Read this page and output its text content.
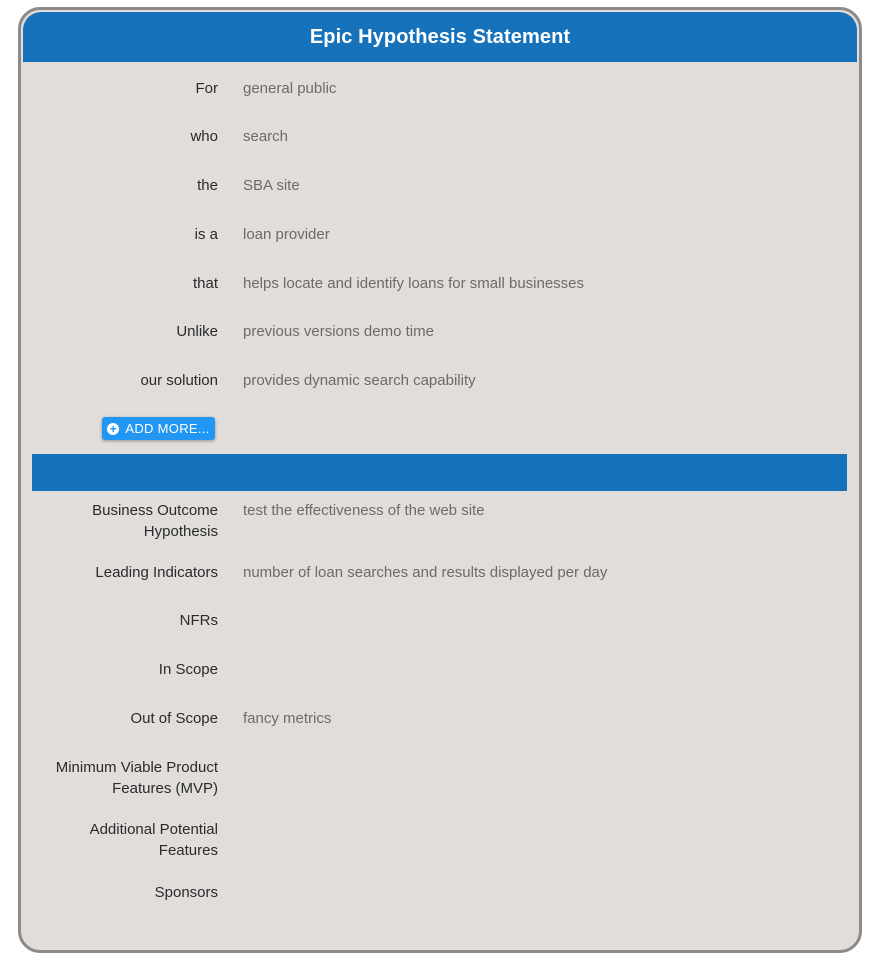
Epic Hypothesis Statement
For general public
who search
the SBA site
is a loan provider
that helps locate and identify loans for small businesses
Unlike previous versions demo time
our solution provides dynamic search capability
+ ADD MORE...
Business Outcome
Hypothesis
test the effectiveness of the web site
Leading Indicators number of loan searches and results displayed per day
NFRs
In Scope
Out of Scope fancy metrics
Minimum Viable Product
Features (MVP)
Additional Potential
Features
Sponsors
